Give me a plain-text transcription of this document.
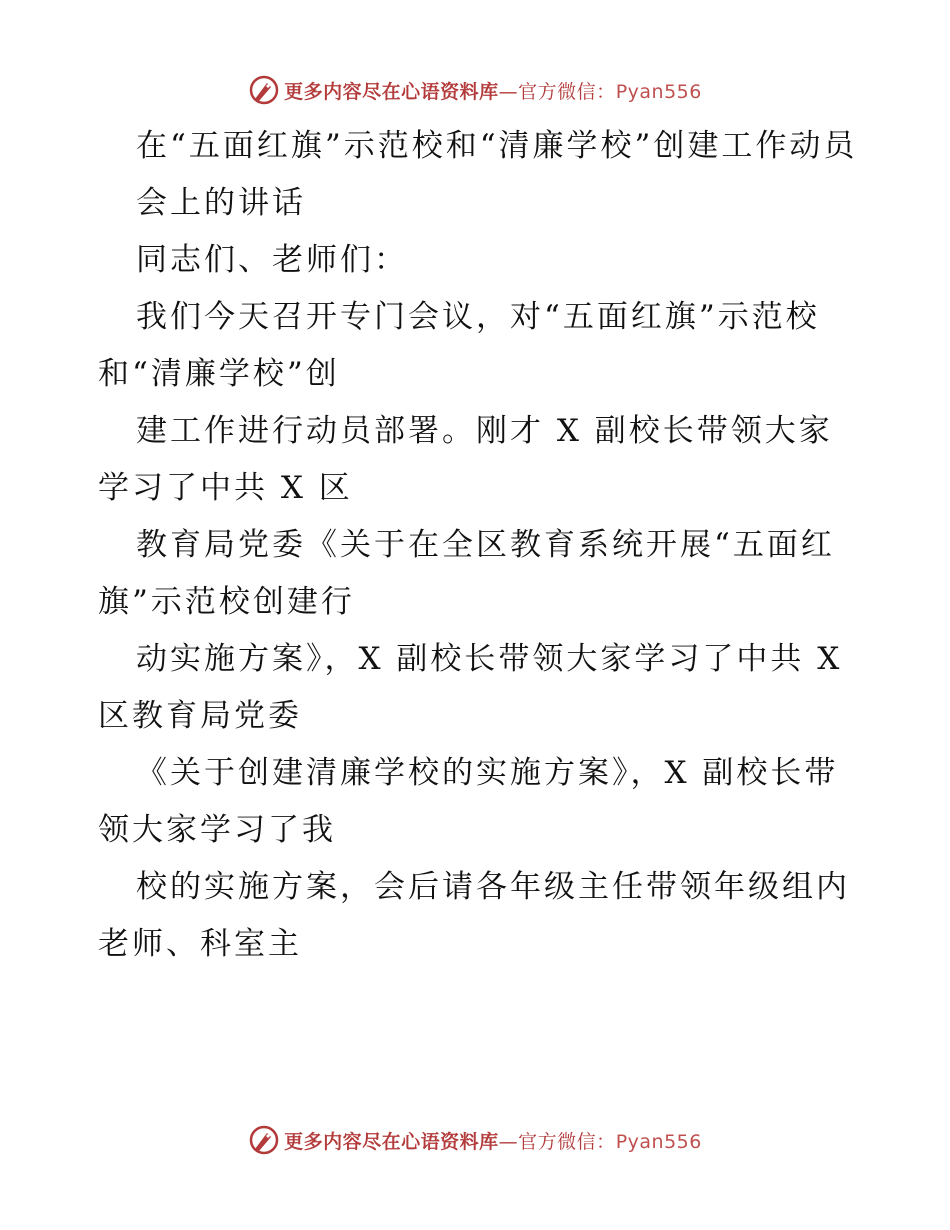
更多内容尽在心语资料库—官方微信：Pyan556

在“五面红旗”示范校和“清廉学校”创建工作动员

会上的讲话

同志们、老师们：

我们今天召开专门会议，对“五面红旗”示范校和“清廉学校”创

建工作进行动员部署。刚才 X 副校长带领大家学习了中共 X 区

教育局党委《关于在全区教育系统开展“五面红旗”示范校创建行

动实施方案》，X 副校长带领大家学习了中共 X 区教育局党委

《关于创建清廉学校的实施方案》，X 副校长带领大家学习了我

校的实施方案，会后请各年级主任带领年级组内老师、科室主

更多内容尽在心语资料库—官方微信：Pyan556
